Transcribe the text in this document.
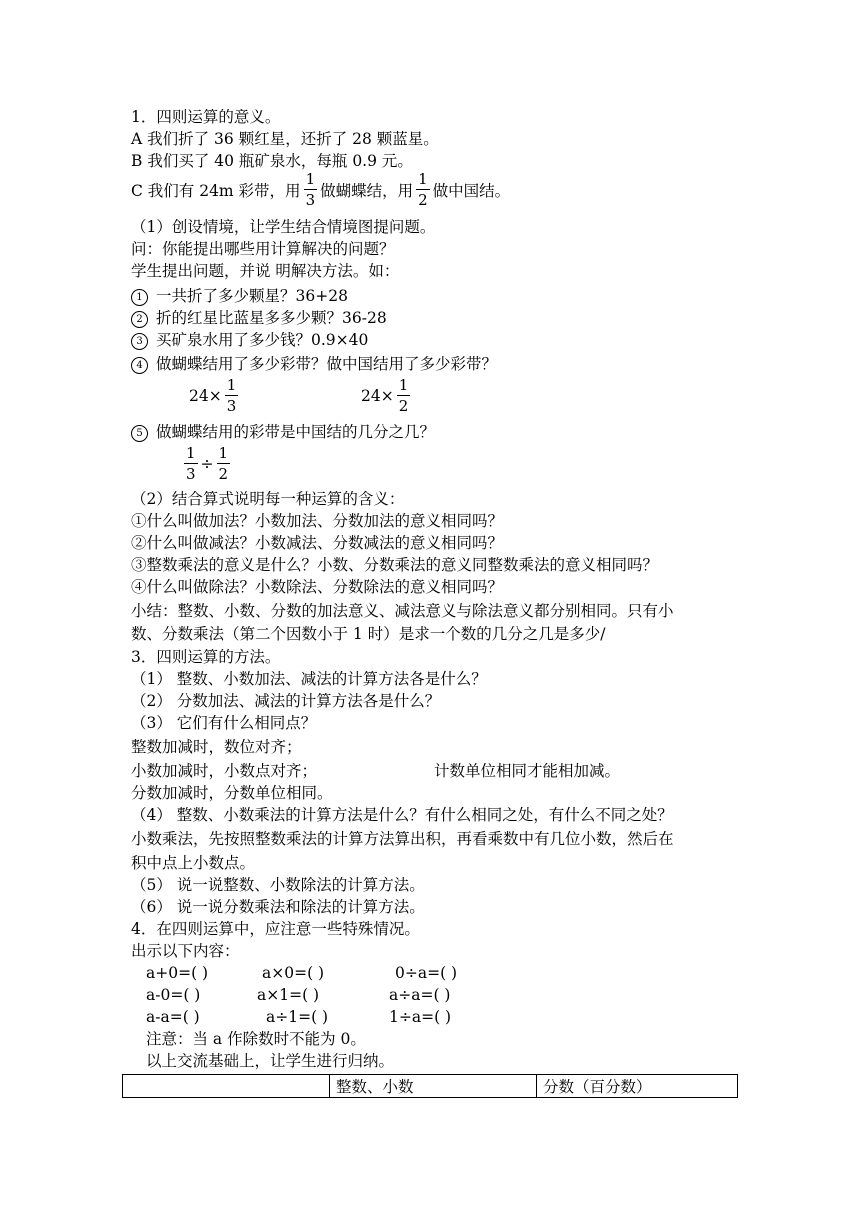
1．四则运算的意义。
A 我们折了 36 颗红星，还折了 28 颗蓝星。
B 我们买了 40 瓶矿泉水，每瓶 0.9 元。
C 我们有 24m 彩带，用 $\frac{1}{3}$ 做蝴蝶结，用 $\frac{1}{2}$ 做中国结。
（1）创设情境，让学生结合情境图提问题。
问：你能提出哪些用计算解决的问题？
学生提出问题，并说 明解决方法。如：
1 一共折了多少颗星？36+28
2 折的红星比蓝星多多少颗？36-28
3 买矿泉水用了多少钱？0.9×40
4 做蝴蝶结用了多少彩带？做中国结用了多少彩带？
$24\times \frac{1}{3}$	$24\times \frac{1}{2}$
5 做蝴蝶结用的彩带是中国结的几分之几？
$\frac{1}{3} \div \frac{1}{2}$
（2）结合算式说明每一种运算的含义：
①什么叫做加法？小数加法、分数加法的意义相同吗？
②什么叫做减法？小数减法、分数减法的意义相同吗？
③整数乘法的意义是什么？小数、分数乘法的意义同整数乘法的意义相同吗？
④什么叫做除法？小数除法、分数除法的意义相同吗？
小结：整数、小数、分数的加法意义、减法意义与除法意义都分别相同。只有小
数、分数乘法（第二个因数小于 1 时）是求一个数的几分之几是多少/
3．四则运算的方法。
（1） 整数、小数加法、减法的计算方法各是什么？
（2） 分数加法、减法的计算方法各是什么？
（3） 它们有什么相同点？
整数加减时，数位对齐；
小数加减时，小数点对齐；	计数单位相同才能相加减。
分数加减时，分数单位相同。
（4） 整数、小数乘法的计算方法是什么？有什么相同之处，有什么不同之处？
小数乘法，先按照整数乘法的计算方法算出积，再看乘数中有几位小数，然后在
积中点上小数点。
（5） 说一说整数、小数除法的计算方法。
（6） 说一说分数乘法和除法的计算方法。
4．在四则运算中，应注意一些特殊情况。
出示以下内容：
a+0=( )	a×0=( )	0÷a=( )
a-0=( )	a×1=( )	a÷a=( )
a-a=( )	a÷1=( )	1÷a=( )
注意：当 a 作除数时不能为 0。
以上交流基础上，让学生进行归纳。
	整数、小数	分数（百分数）
